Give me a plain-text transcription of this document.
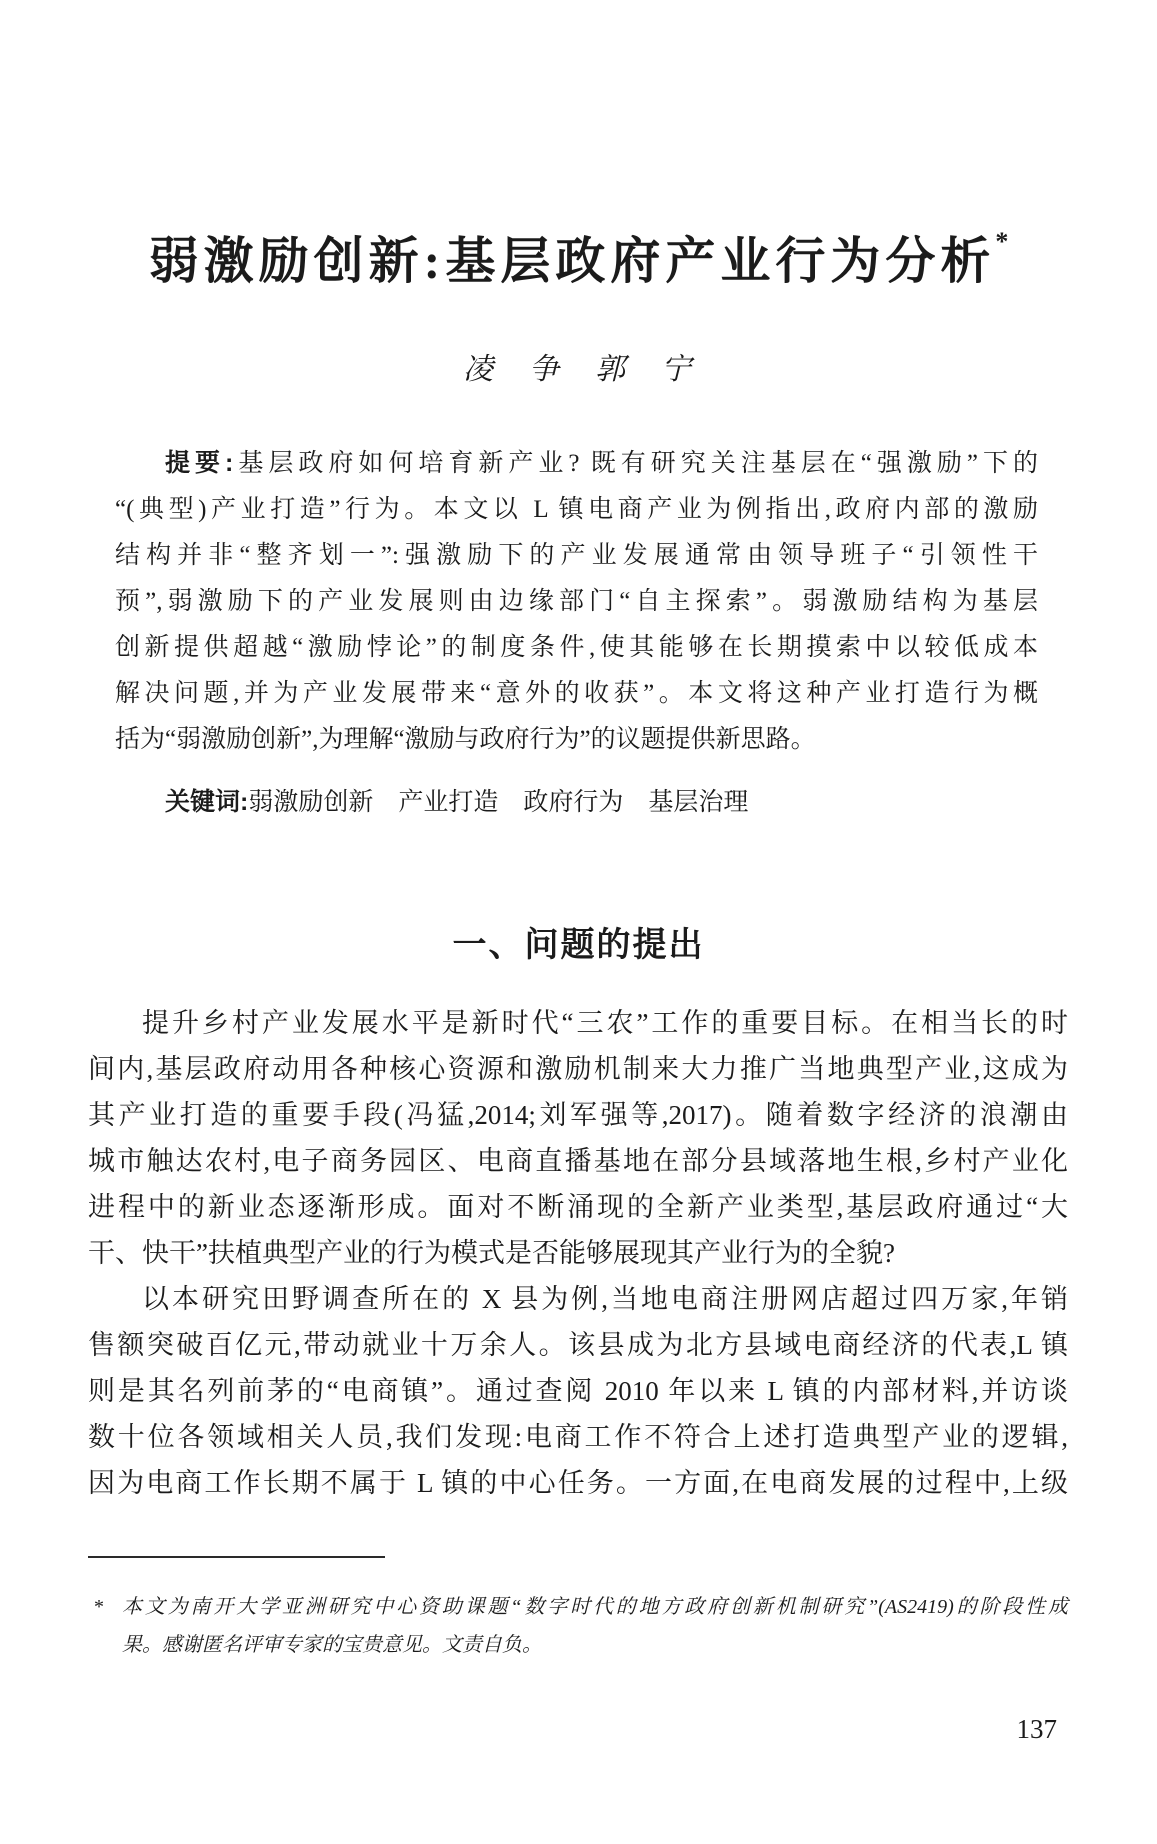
弱激励创新:基层政府产业行为分析*
凌　争　郭　宁
提要:基层政府如何培育新产业? 既有研究关注基层在“强激励”下的
“(典型)产业打造”行为。本文以 L 镇电商产业为例指出,政府内部的激励
结构并非“整齐划一”:强激励下的产业发展通常由领导班子“引领性干
预”,弱激励下的产业发展则由边缘部门“自主探索”。弱激励结构为基层
创新提供超越“激励悖论”的制度条件,使其能够在长期摸索中以较低成本
解决问题,并为产业发展带来“意外的收获”。本文将这种产业打造行为概
括为“弱激励创新”,为理解“激励与政府行为”的议题提供新思路。
关键词:弱激励创新　产业打造　政府行为　基层治理
一、问题的提出
提升乡村产业发展水平是新时代“三农”工作的重要目标。在相当长的时
间内,基层政府动用各种核心资源和激励机制来大力推广当地典型产业,这成为
其产业打造的重要手段(冯猛,2014;刘军强等,2017)。随着数字经济的浪潮由
城市触达农村,电子商务园区、电商直播基地在部分县域落地生根,乡村产业化
进程中的新业态逐渐形成。面对不断涌现的全新产业类型,基层政府通过“大
干、快干”扶植典型产业的行为模式是否能够展现其产业行为的全貌?
以本研究田野调查所在的 X 县为例,当地电商注册网店超过四万家,年销
售额突破百亿元,带动就业十万余人。该县成为北方县域电商经济的代表,L 镇
则是其名列前茅的“电商镇”。通过查阅 2010 年以来 L 镇的内部材料,并访谈
数十位各领域相关人员,我们发现:电商工作不符合上述打造典型产业的逻辑,
因为电商工作长期不属于 L 镇的中心任务。一方面,在电商发展的过程中,上级
* 本文为南开大学亚洲研究中心资助课题“数字时代的地方政府创新机制研究”(AS2419)的阶段性成
果。感谢匿名评审专家的宝贵意见。文责自负。
137
